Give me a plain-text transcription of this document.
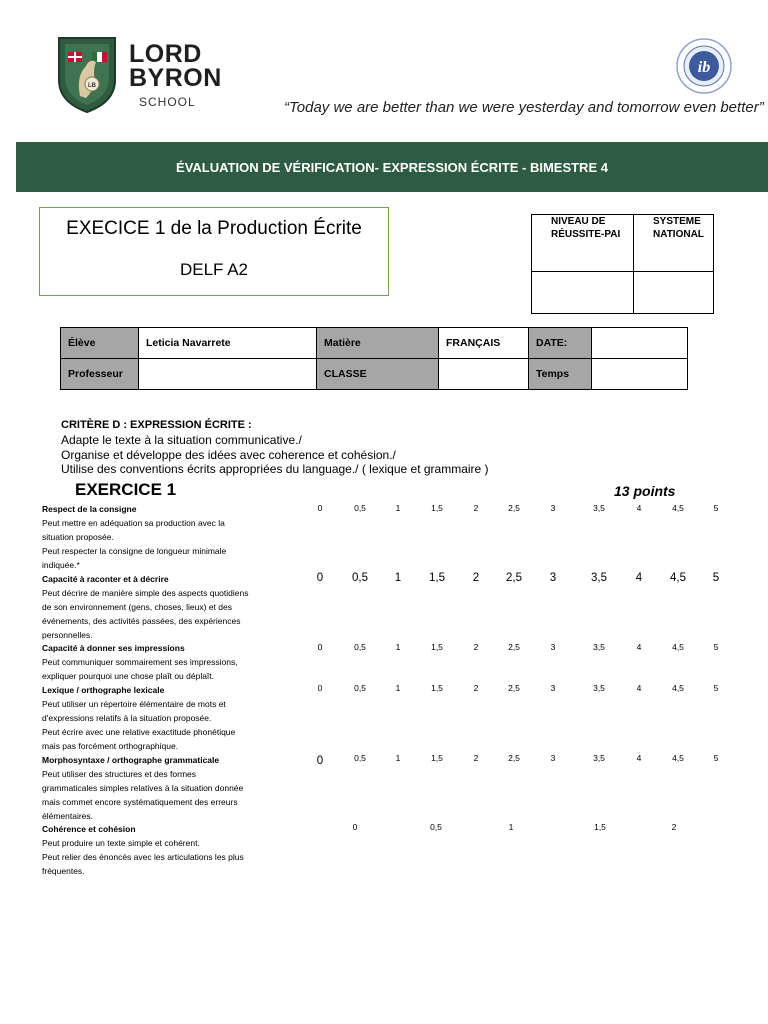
LB
LORD
BYRON
SCHOOL
ib
“Today we are better than we were yesterday and tomorrow even better”
ÉVALUATION DE VÉRIFICATION- EXPRESSION ÉCRITE - BIMESTRE 4
EXECICE 1 de la Production Écrite
DELF A2
NIVEAU DE RÉUSSITE-PAI	SYSTEME NATIONAL

Élève	Leticia Navarrete	Matière	FRANÇAIS	DATE:	
Professeur		CLASSE		Temps	
CRITÈRE D : EXPRESSION ÉCRITE :
Adapte le texte à la situation communicative./
Organise et développe des idées avec coherence et cohésion./
Utilise des conventions écrits appropriées du language./ ( lexique et grammaire )
EXERCICE 1	13 points
Respect de la consigne
Peut mettre en adéquation sa production avec la
situation proposée.
Peut respecter la consigne de longueur minimale
indiquée.*
0	0,5	1	1,5	2	2,5	3	3,5	4	4,5	5
Capacité à raconter et à décrire
Peut décrire de manière simple des aspects quotidiens
de son environnement (gens, choses, lieux) et des
événements, des activités passées, des expériences
personnelles.
0	0,5 1 1,5 2 2,5 3	3,5	4 4,5 5
Capacité à donner ses impressions
Peut communiquer sommairement ses impressions,
expliquer pourquoi une chose plaît ou déplaît.
0	0,5	1	1,5	2	2,5	3	3,5	4	4,5	5
Lexique / orthographe lexicale
Peut utiliser un répertoire élémentaire de mots et
d'expressions relatifs à la situation proposée.
Peut écrire avec une relative exactitude phonétique
mais pas forcément orthographique.
0	0,5	1	1,5	2	2,5	3	3,5	4	4,5	5
Morphosyntaxe / orthographe grammaticale
Peut utiliser des structures et des formes
grammaticales simples relatives à la situation donnée
mais commet encore systématiquement des erreurs
élémentaires.
0	0,5	1	1,5	2	2,5	3	3,5	4	4,5	5
Cohérence et cohésion
Peut produire un texte simple et cohérent.
Peut relier des énoncés avec les articulations les plus
fréquentes.
0	0,5	1	1,5	2
